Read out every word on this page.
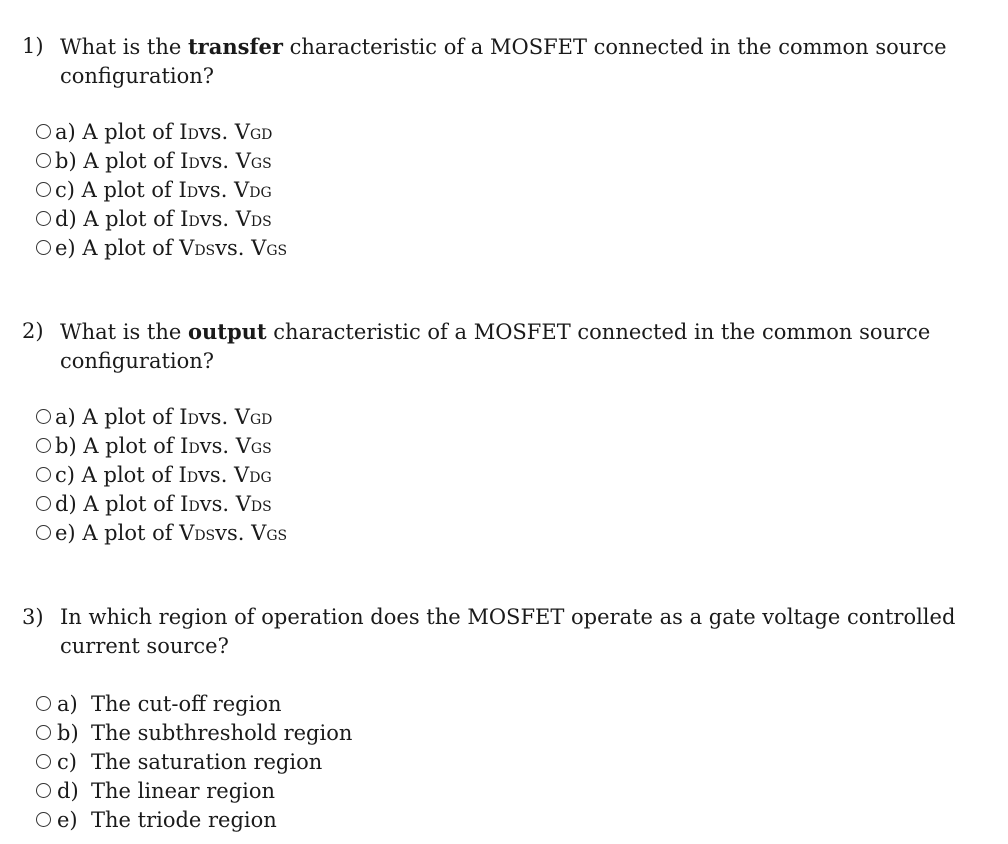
1) What is the transfer characteristic of a MOSFET connected in the common source
configuration?
a)
A plot of I D vs. V GD
b)
A plot of I D vs. V GS
c)
A plot of I D vs. V DG
d)
A plot of I D vs. V DS
e)
A plot of V DS vs. V GS
2) What is the output characteristic of a MOSFET connected in the common source
configuration?
a)
A plot of I D vs. V GD
b)
A plot of I D vs. V GS
c)
A plot of I D vs. V DG
d)
A plot of I D vs. V DS
e)
A plot of V DS vs. V GS
3) In which region of operation does the MOSFET operate as a gate voltage controlled
current source?
a) The cut-off region
b) The subthreshold region
c) The saturation region
d) The linear region
e) The triode region
